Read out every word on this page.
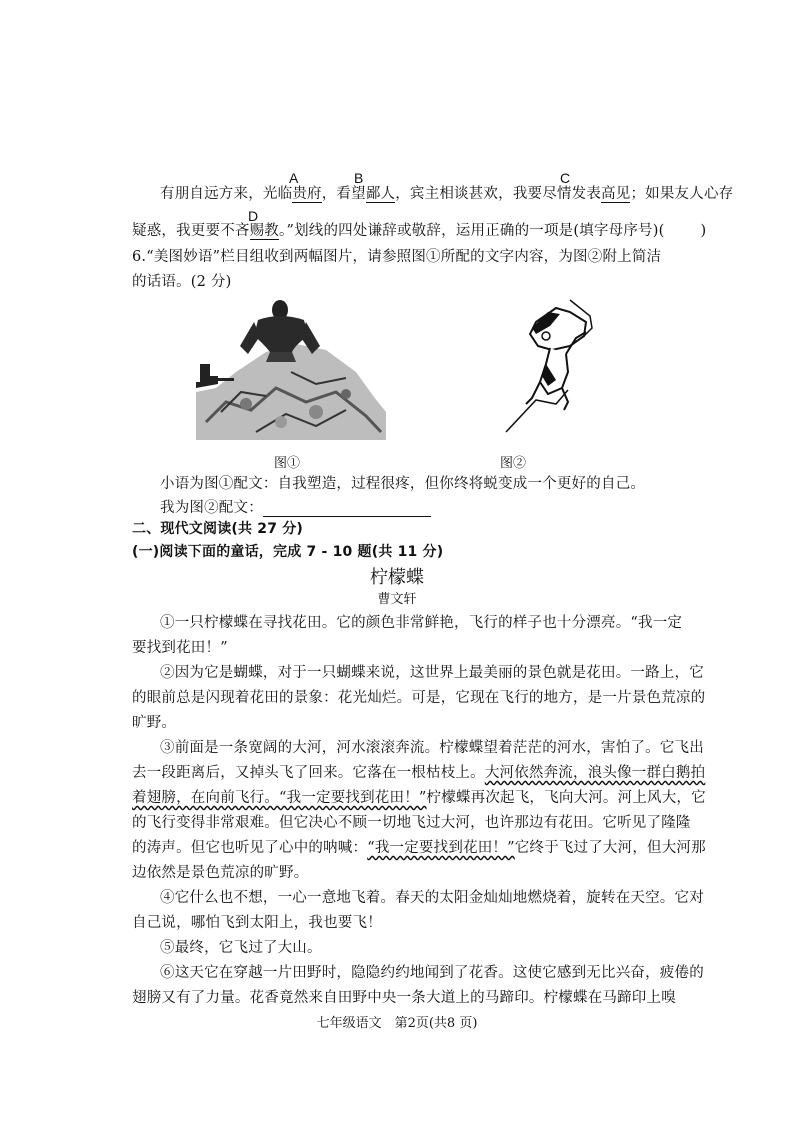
A	B	C
D
有朋自远方来，光临贵府，看望鄙人，宾主相谈甚欢，我要尽情发表高见；如果友人心存
疑惑，我更要不吝赐教。”划线的四处谦辞或敬辞，运用正确的一项是(填字母序号)( )
6.“美图妙语”栏目组收到两幅图片，请参照图①所配的文字内容，为图②附上简洁
的话语。(2 分)
图①	图②
小语为图①配文：自我塑造，过程很疼，但你终将蜕变成一个更好的自己。
我为图②配文：
二、现代文阅读(共 27 分)
(一)阅读下面的童话，完成 7 - 10 题(共 11 分)
柠檬蝶
曹文轩
①一只柠檬蝶在寻找花田。它的颜色非常鲜艳，飞行的样子也十分漂亮。“我一定
要找到花田！”
②因为它是蝴蝶，对于一只蝴蝶来说，这世界上最美丽的景色就是花田。一路上，它
的眼前总是闪现着花田的景象：花光灿烂。可是，它现在飞行的地方，是一片景色荒凉的
旷野。
③前面是一条宽阔的大河，河水滚滚奔流。柠檬蝶望着茫茫的河水，害怕了。它飞出
去一段距离后，又掉头飞了回来。它落在一根枯枝上。大河依然奔流，浪头像一群白鹅拍
着翅膀，在向前飞行。“我一定要找到花田！”柠檬蝶再次起飞，飞向大河。河上风大，它
的飞行变得非常艰难。但它决心不顾一切地飞过大河，也许那边有花田。它听见了隆隆
的涛声。但它也听见了心中的呐喊：“我一定要找到花田！”它终于飞过了大河，但大河那
边依然是景色荒凉的旷野。
④它什么也不想，一心一意地飞着。春天的太阳金灿灿地燃烧着，旋转在天空。它对
自己说，哪怕飞到太阳上，我也要飞！
⑤最终，它飞过了大山。
⑥这天它在穿越一片田野时，隐隐约约地闻到了花香。这使它感到无比兴奋，疲倦的
翅膀又有了力量。花香竟然来自田野中央一条大道上的马蹄印。柠檬蝶在马蹄印上嗅
七年级语文　第2页(共8 页)
